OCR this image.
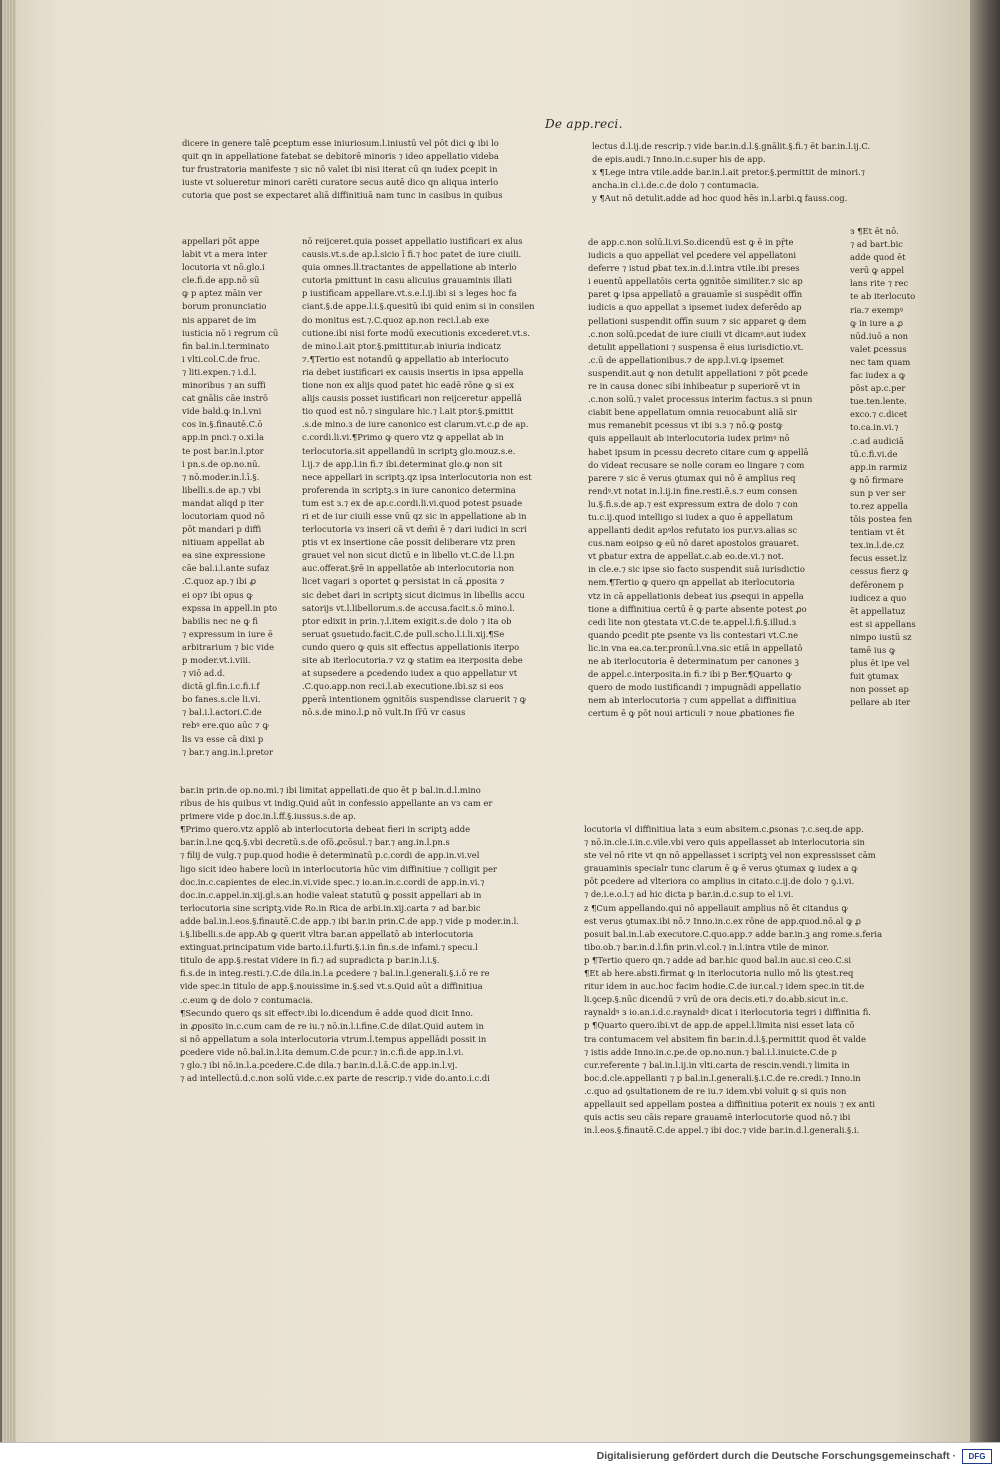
De app.reci.
dicere in genere talē ꝑceptum esse iniuriosum.l.iniustū vel pōt dici ꝙ ibi lo
quit qn in appellatione fatebat se debitorē minoris ⁊ ideo appellatio videba
tur frustratoria manifeste ⁊ sic nō valet ibi nisi iterat cū qn iudex ꝑcepit in
iuste vt solueretur minori carēti curatore secus autē dico qn aliqua interlo
cutoria que post se expectaret aliā diffinitiuā nam tunc in casibus in quibus
appellari pōt appe
labit vt a mera inter
locutoria vt nō.glo.i
cle.fi.de app.nō sū
ꝙ p aptez māin ver
borum pronunciatio
nis apparet de im
iusticia nō i regrum cū
fin bal.in.l.terminato
i vlti.col.C.de fruc.
⁊ liti.expen.⁊ i.d.l.
minoribus ⁊ an suffi
cat gnālis cāe instrō
vide bald.ꝙ in.l.vni
cos in.§.finautē.C.ō
app.in pnci.⁊ o.xi.la
te post bar.in.l.ptor
i pn.s.de op.no.nū.
⁊ nō.moder.in.l.ī.§.
libelli.s.de ap.⁊ vbi
mandat aliqd p iter
locutoriam quod nō
pōt mandari p diffi
nitiuam appellat ab
ea sine expressione
cāe bal.i.l.ante sufaz
.C.quoz ap.⁊ ibi ꝓ
ei op⁊ ibi opus ꝙ
expssa in appell.in pto
babilis nec ne ꝙ fi
⁊ expressum in iure ē
arbitrarium ⁊ bic vide
p moder.vt.i.viii.
⁊ viō ad.d.
dictā gl.fin.i.c.fi.i.f
bo fanes.s.cle li.vi.
⁊ bal.i.l.actori.C.de
rebꝰ ere.quo aūc ⁊ ꝙ
lis vз esse cā dixi p
⁊ bar.⁊ ang.in.l.pretor
nō reijceret.quia posset appellatio iustificari ex alus
causis.vt.s.de ap.l.sicio ī fi.⁊ hoc patet de iure ciuili.
quia omnes.ll.tractantes de appellatione ab interlo
cutoria pmittunt in casu alicuius grauaminis illati
p iustificam appellare.vt.s.e.l.ij.ibi si з leges hoc fa
ciant.§.de appe.l.i.§.quesitū ibi quid enim si in consilen
do monitus est.⁊.C.quoz ap.non reci.l.ab exe
cutione.ibi nisi forte modū executionis excederet.vt.s.
de mino.l.ait ptor.§.pmittitur.ab iniuria indicatz
⁊.¶Tertio est notandū ꝙ appellatio ab interlocuto
ria debet iustificari ex causis insertis in ipsa appella
tione non ex alijs quod patet hic eadē rōne ꝙ si ex
alijs causis posset iustificari non reijceretur appellā
tio quod est nō.⁊ singulare hic.⁊ l.ait ptor.§.pmittit
.s.de mino.з de iure canonico est clarum.vt.c.ꝑ de ap.
c.cordi.li.vi.¶Primo ꝙ quero vtz ꝙ appellat ab in
terlocutoria.sit appellandū in scriptꝫ glo.mouz.s.e.
l.ij.⁊ de app.l.in fi.⁊ ibi.determinat glo.ꝙ non sit
nece appellari in scriptꝫ.qz ipsa interlocutoria non est
proferenda in scriptꝫ.з in iure canonico determina
tum est з.⁊ ex de ap.c.cordi.li.vi.quod potest psuade
ri et de iur ciuili esse vnū qz sic in appellatione ab in
terlocutoria vз inseri cā vt dem̄i ē ⁊ dari iudici in scri
ptis vt ex insertione cāe possit deliberare vtz pren
grauet vel non sicut dictū e in libello vt.C.de l.l.pn
auc.offerat.§rē in appellatōe ab interlocutoria non
licet vagari з oportet ꝙ persistat in cā ꝓposita ⁊
sic debet dari in scriptꝫ sicut dicimus in libellis accu
satorijs vt.l.libellorum.s.de accusa.facit.s.ō mino.l.
ptor edixit in prin.⁊.l.item exigit.s.de dolo ⁊ ita ob
seruat ꝯsuetudo.facit.C.de pull.scho.l.i.li.xij.¶Se
cundo quero ꝙ quis sit effectus appellationis iterpo
site ab iterlocutoria.⁊ vz ꝙ statim ea iterposita debe
at supsedere a ꝑcedendo iudex a quo appellatur vt
.C.quo.app.non reci.l.ab executione.ibi.sz si eos
ꝑperā intentionem ꝯgnitōis suspendisse claruerit ⁊ ꝙ
nō.s.de mino.l.ꝑ nō vult.In ſr̄ū vr casus
bar.in prin.de op.no.mi.⁊ ibi limitat appellati.de quo ēt p bal.in.d.l.mino
ribus de his quibus vt indig.Quid aūt in confessio appellante an vз cam er
primere vide p doc.in.l.ff.§.iussus.s.de ap.
¶Primo quero.vtz applō ab interlocutoria debeat fieri in scriptꝫ adde
bar.in.l.ne ꝗcꝗ.§.vbi decretū.s.de ofō.ꝓcōsul.⁊ bar.⁊ ang.in.l.pn.s
⁊ filij de vulg.⁊ pup.quod hodie ē determinatū p.c.cordi de app.in.vi.vel
ligo sicit ideo habere locū in interlocutoria hūc vim diffinitiue ⁊ colligit per
doc.in.c.capientes de elec.in.vi.vide spec.⁊ io.an.in.c.cordi de app.in.vi.⁊
doc.in.c.appel.in.xij.gl.s.an hodie valeat statutū ꝙ possit appellari ab in
terlocutoria sine scriptꝫ.vide Ro.in Rica de arbi.in.xij.carta ⁊ ad bar.bic
adde bal.in.l.eos.§.finautē.C.de app.⁊ ibi bar.in prin.C.de app.⁊ vide p moder.in.l.
i.§.libelli.s.de app.Ab ꝙ querit vltra bar.an appellatō ab interlocutoria
extinguat.principatum vide barto.i.l.furti.§.i.in fin.s.de infami.⁊ specu.l
titulo de app.§.restat videre in fi.⁊ ad supradicta p bar.in.l.i.§.
fi.s.de in integ.resti.⁊.C.de dila.in.l.a ꝑcedere ⁊ bal.in.l.generali.§.i.ō re re
vide spec.in titulo de app.§.nouissime in.§.sed vt.s.Quid aūt a diffinitiua
.c.eum ꝙ de dolo ⁊ contumacia.
¶Secundo quero qs sit effectꝰ.ibi lo.dicendum ē adde quod dicit Inno.
in ꝓposito in.c.cum cam de re iu.⁊ nō.in.l.i.fine.C.de dilat.Quid autem in
si nō appellatum a sola interlocutoria vtrum.l.tempus appellādi possit in
ꝑcedere vide nō.bal.in.l.ita demum.C.de pcur.⁊ in.c.fi.de app.in.l.vi.
⁊ glo.⁊ ibi nō.in.l.a.pcedere.C.de dila.⁊ bar.in.d.l.ā.C.de app.in.l.vj.
⁊ ad intellectū.d.c.non solū vide.c.ex parte de rescrip.⁊ vide do.anto.i.c.di
lectus d.l.ij.de rescrip.⁊ vide bar.in.d.l.§.gnālit.§.fi.⁊ ēt bar.in.l.ij.C.
de epis.audi.⁊ Inno.in.c.super his de app.
x ¶Lege intra vtile.adde bar.in.l.ait pretor.§.permittit de minori.⁊
ancha.in cl.i.de.c.de dolo ⁊ contumacia.
y ¶Aut nō detulit.adde ad hoc quod hēs in.l.arbi.ꝗ fauss.cog.
de app.c.non solū.li.vi.So.dicendū est ꝙ ē in pṝte
iudicis a quo appellat vel ꝑcedere vel appellatoni
deferre ⁊ istud ꝑbat tex.in.d.l.intra vtile.ibi preses
i euentū appellatōis certa ꝯgnitōe similiter.⁊ sic ap
paret ꝙ ipsa appellatō a grauamīe si suspēdit offīn
iudicis a quo appellat з ipsemet iudex deferēdo ap
pellationi suspendit offīn suum ⁊ sic apparet ꝙ dem
.c.non solū.pcedat de iure ciuili vt dicamꝰ.aut iudex
detulit appellationi ⁊ suspensa ē eius iurisdictio.vt.
.c.ū de appellationibus.⁊ de app.l.vi.ꝙ ipsemet
suspendit.aut ꝙ non detulit appellationi ⁊ pōt ꝑcede
re in causa donec sibi inhibeatur p superiorē vt in
.c.non solū.⁊ valet processus interim factus.з si pnun
ciabit bene appellatum omnia reuocabunt aliā sir
mus remanebit pcessus vt ibi з.з ⁊ nō.ꝙ postꝙ
quis appellauit ab interlocutoria iudex primꝰ nō
habet ipsum in pcessu decreto citare cum ꝙ appellā
do videat recusare se nolle coram eo lingare ⁊ com
parere ⁊ sic ē verus ꝯtumax qui nō ē amplius req
rendꝰ.vt notat in.l.ij.in fine.resti.ē.s.⁊ eum consen
lu.§.fi.s.de ap.⁊ est expressum extra de dolo ⁊ con
tu.c.ij.quod intelligo si iudex a quo ē appellatum
appellanti dedit apꝰlos refutato ios pur.vз.alias sc
cus.nam eoipso ꝙ eū nō daret apostolos grauaret.
vt ꝑbatur extra de appellat.c.ab eo.de.vi.⁊ not.
in cle.e.⁊ sic ipse sio facto suspendit suā iurisdictio
nem.¶Tertio ꝙ quero qn appellat ab iterlocutoria
vtz in cā appellationis debeat ius ꝓsequi in appella
tione a diffinitiua certū ē ꝙ parte absente potest ꝓo
cedi lite non ꝯtestata vt.C.de te.appel.l.fi.§.illud.з
quando ꝑcedit pte ꝑsente vз lis contestari vt.C.ne
lic.in vna ea.ca.ter.pronū.l.vna.sic etiā in appellatō
ne ab iterlocutoria ē determinatum per canones ꝫ
de appel.c.interposita.in fi.⁊ ibi p Ber.¶Quarto ꝙ
quero de modo iustificandi ⁊ impugnādi appellatio
nem ab interlocutoria ⁊ cum appellat a diffinitiua
certum ē ꝙ pōt noui articuli ⁊ noue ꝓbationes fie
з ¶Et ēt nō.
⁊ ad bart.bic
adde quod ēt
verū ꝙ appel
lans rite ⁊ rec
te ab iterlocuto
ria.⁊ exempꝰ
ꝙ in iure a ꝓ
nūd.iuō a non
valet ꝑcessus
nec tam quam
fac iudex a ꝙ
pōst ap.c.per
tue.ten.lente.
exco.⁊ c.dicet
to.ca.in.vi.⁊
.c.ad audiciā
tū.c.fi.vi.de
app.in rarmiz
ꝙ nō firmare
sun p ver ser
to.rez appella
tōis postea fen
tentiam vt ēt
tex.in.l.de.cz
fecus esset.lz
cessus fierz ꝙ
defēronem p
iudicez a quo
ēt appellatuz
est si appellans
nimpo iustū sz
tamē ius ꝙ
plus ēt ipe vel
fuit ꝯtumax
non posset ap
pellare ab iter
locutoria vl diffinitiua lata з eum absitem.c.ꝑsonas ⁊.c.seq.de app.
⁊ nō.in.cle.i.in.c.vile.vbi vero quis appellasset ab interlocutoria sin
ste vel nō rite vt qn nō appellasset i scriptꝫ vel non expressisset cām
grauaminis specialr tunc clarum ē ꝙ ē verus ꝯtumax ꝙ iudex a ꝙ
pōt ꝑcedere ad vlteriora co amplius in citato.c.ij.de dolo ⁊ ꝯ.i.vi.
⁊ de.i.e.o.l.⁊ ad hic dicta p bar.in.d.c.sup to el i.vi.
z ¶Cum appellando.qui nō appellauit amplius nō ēt citandus ꝙ
est verus ꝯtumax.ibi nō.⁊ Inno.in.c.ex rōne de app.quod.nō.al ꝙ ꝓ
posuit bal.in.l.ab executore.C.quo.app.⁊ adde bar.in.ꝫ ang rome.s.feria
tibo.ob.⁊ bar.in.d.l.fin prin.vl.col.⁊ in.l.intra vtile de minor.
p ¶Tertio quero qn.⁊ adde ad bar.hic quod bal.in auc.si ceo.C.si
¶Et ab here.absti.firmat ꝙ in iterlocutoria nullo mō lis ꝯtest.req
ritur idem in auc.hoc facim hodie.C.de iur.cal.⁊ idem spec.in tit.de
li.ꝯcep.§.nūc dicendū ⁊ vrū de ora decis.eti.⁊ do.abb.sicut in.c.
raynaldꝰ з io.an.i.d.c.raynaldꝰ dicat i iterlocutoria tegri i diffinitia fi.
p ¶Quarto quero.ibi.vt de app.de appel.l.limita nisi esset lata cō
tra contumacem vel absitem fin bar.in.d.l.§.permittit quod ēt valde
⁊ istis adde Inno.in.c.pe.de op.no.nun.⁊ bal.i.l.inuicte.C.de p
cur.referente ⁊ bal.in.l.ij.in vlti.carta de rescin.vendi.⁊ limita in
boc.d.cle.appellanti ⁊ p bal.in.l.generali.§.i.C.de re.credi.⁊ Inno.in
.c.quo ad ꝯsultationem de re iu.⁊ idem.vbi voluit ꝙ si quis non
appellauit sed appellam postea a diffinitiua poterit ex nouis ⁊ ex anti
quis actis seu cāis repare grauamē interlocutorie quod nō.⁊ ibi
in.l.eos.§.finautē.C.de appel.⁊ ibi doc.⁊ vide bar.in.d.l.generali.§.i.
Digitalisierung gefördert durch die Deutsche Forschungsgemeinschaft ·	DFG
